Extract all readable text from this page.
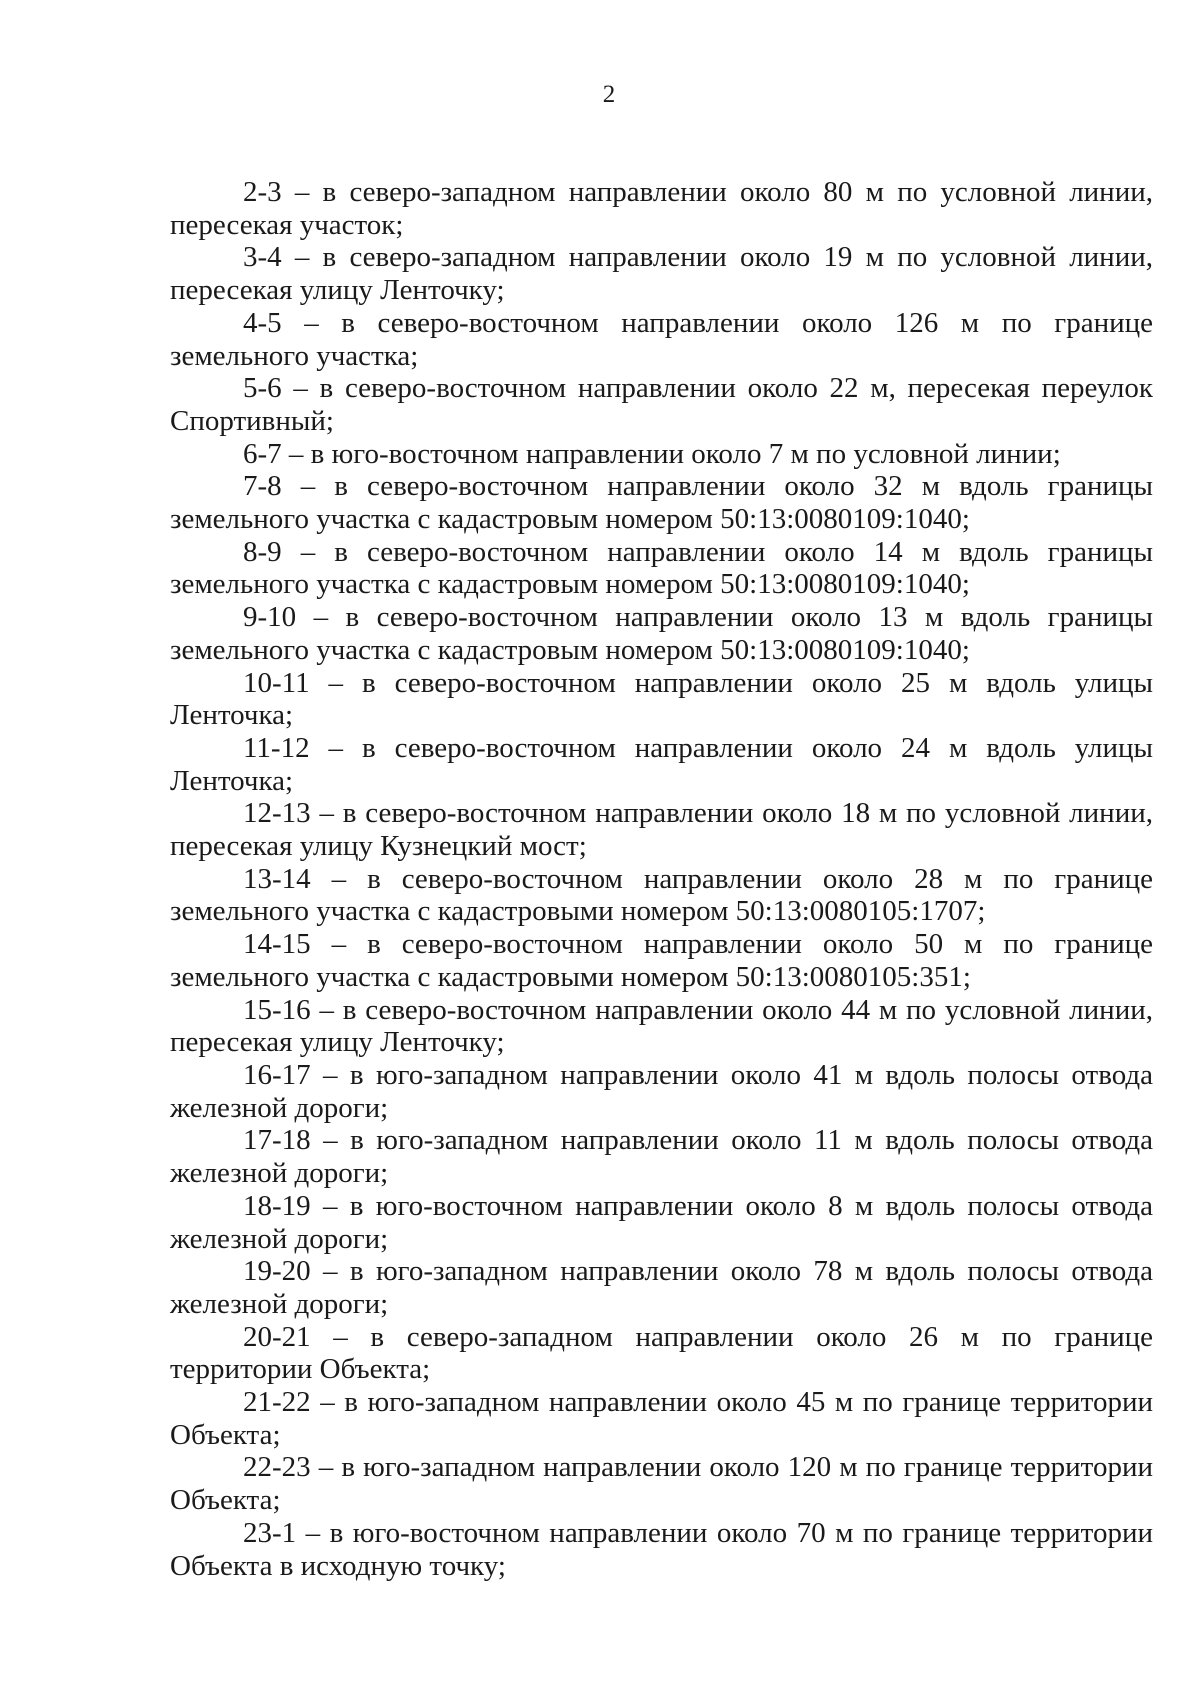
2

2-3 – в северо-западном направлении около 80 м по условной линии, пересекая участок;

3-4 – в северо-западном направлении около 19 м по условной линии, пересекая улицу Ленточку;

4-5 – в северо-восточном направлении около 126 м по границе земельного участка;

5-6 – в северо-восточном направлении около 22 м, пересекая переулок Спортивный;

6-7 – в юго-восточном направлении около 7 м по условной линии;

7-8 – в северо-восточном направлении около 32 м вдоль границы земельного участка с кадастровым номером 50:13:0080109:1040;

8-9 – в северо-восточном направлении около 14 м вдоль границы земельного участка с кадастровым номером 50:13:0080109:1040;

9-10 – в северо-восточном направлении около 13 м вдоль границы земельного участка с кадастровым номером 50:13:0080109:1040;

10-11 – в северо-восточном направлении около 25 м вдоль улицы Ленточка;

11-12 – в северо-восточном направлении около 24 м вдоль улицы Ленточка;

12-13 – в северо-восточном направлении около 18 м по условной линии, пересекая улицу Кузнецкий мост;

13-14 – в северо-восточном направлении около 28 м по границе земельного участка с кадастровыми номером 50:13:0080105:1707;

14-15 – в северо-восточном направлении около 50 м по границе земельного участка с кадастровыми номером 50:13:0080105:351;

15-16 – в северо-восточном направлении около 44 м по условной линии, пересекая улицу Ленточку;

16-17 – в юго-западном направлении около 41 м вдоль полосы отвода железной дороги;

17-18 – в юго-западном направлении около 11 м вдоль полосы отвода железной дороги;

18-19 – в юго-восточном направлении около 8 м вдоль полосы отвода железной дороги;

19-20 – в юго-западном направлении около 78 м вдоль полосы отвода железной дороги;

20-21 – в северо-западном направлении около 26 м по границе территории Объекта;

21-22 – в юго-западном направлении около 45 м по границе территории Объекта;

22-23 – в юго-западном направлении около 120 м по границе территории Объекта;

23-1 – в юго-восточном направлении около 70 м по границе территории Объекта в исходную точку;
